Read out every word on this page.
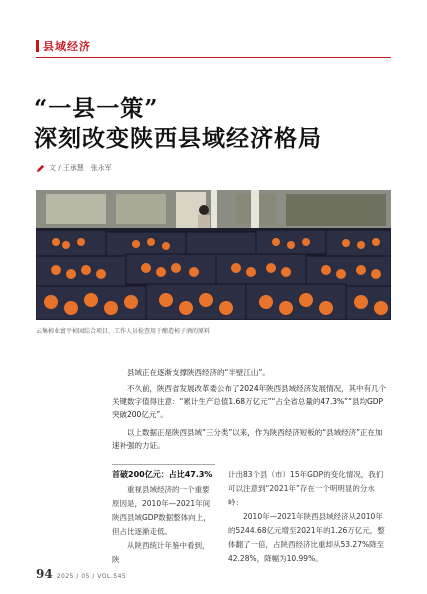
县域经济
“一县一策”
深刻改变陕西县域经济格局
文 / 王承慧　张永军
云集柿业富平柿园综合项目，工作人员检查用于酿造柿子酒的原料

县域正在逐渐支撑陕西经济的“半壁江山”。

不久前，陕西省发展改革委公布了2024年陕西县域经济发展情况，其中有几个关键数字值得注意：“累计生产总值1.68万亿元”“占全省总量的47.3%”“县均GDP突破200亿元”。

以上数据正是陕西县域“三分类”以来，作为陕西经济短板的“县域经济”正在加速补强的力证。

首破200亿元：占比47.3%

重视县域经济的一个重要原因是，2010年—2021年间陕西县域GDP数据整体向上，但占比逐渐走低。

从陕西统计年鉴中看到，陕

计出83个县（市）15年GDP的变化情况，我们可以注意到“2021年”存在一个明明显的分水岭：

2010年—2021年陕西县域经济从2010年的5244.68亿元增至2021年的1.26万亿元，整体翻了一倍，占陕西经济比重却从53.27%降至42.28%，降幅为10.99%。

94 2025 / 05 / VOL.545
